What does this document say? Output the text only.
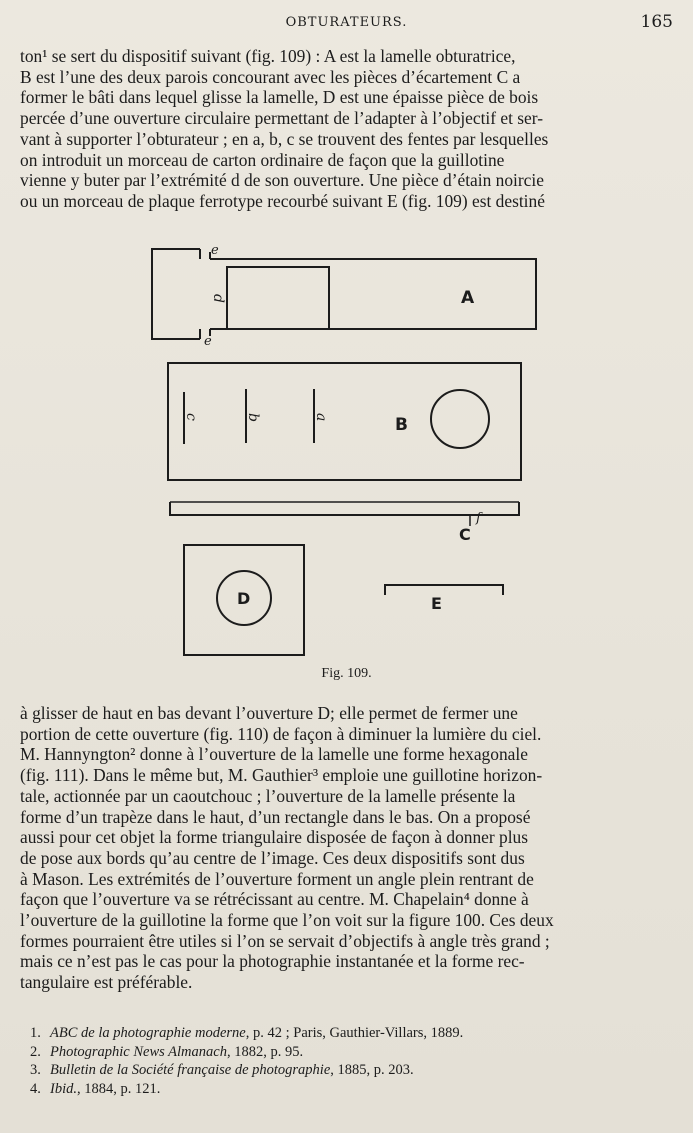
OBTURATEURS.	165

ton¹ se sert du dispositif suivant (fig. 109) : A est la lamelle obturatrice,

B est l’une des deux parois concourant avec les pièces d’écartement C a

former le bâti dans lequel glisse la lamelle, D est une épaisse pièce de bois

percée d’une ouverture circulaire permettant de l’adapter à l’objectif et ser-

vant à supporter l’obturateur ; en a, b, c se trouvent des fentes par lesquelles

on introduit un morceau de carton ordinaire de façon que la guillotine

vienne y buter par l’extrémité d de son ouverture. Une pièce d’étain noircie

ou un morceau de plaque ferrotype recourbé suivant E (fig. 109) est destiné

A
B
C
D	E
e
e
f
d
c	b	a
Fig. 109.

à glisser de haut en bas devant l’ouverture D; elle permet de fermer une

portion de cette ouverture (fig. 110) de façon à diminuer la lumière du ciel.

M. Hannyngton² donne à l’ouverture de la lamelle une forme hexagonale

(fig. 111). Dans le même but, M. Gauthier³ emploie une guillotine horizon-

tale, actionnée par un caoutchouc ; l’ouverture de la lamelle présente la

forme d’un trapèze dans le haut, d’un rectangle dans le bas. On a proposé

aussi pour cet objet la forme triangulaire disposée de façon à donner plus

de pose aux bords qu’au centre de l’image. Ces deux dispositifs sont dus

à Mason. Les extrémités de l’ouverture forment un angle plein rentrant de

façon que l’ouverture va se rétrécissant au centre. M. Chapelain⁴ donne à

l’ouverture de la guillotine la forme que l’on voit sur la figure 100. Ces deux

formes pourraient être utiles si l’on se servait d’objectifs à angle très grand ;

mais ce n’est pas le cas pour la photographie instantanée et la forme rec-

tangulaire est préférable.

1. ABC de la photographie moderne, p. 42 ; Paris, Gauthier-Villars, 1889.
2. Photographic News Almanach, 1882, p. 95.
3. Bulletin de la Société française de photographie, 1885, p. 203.
4. Ibid., 1884, p. 121.
